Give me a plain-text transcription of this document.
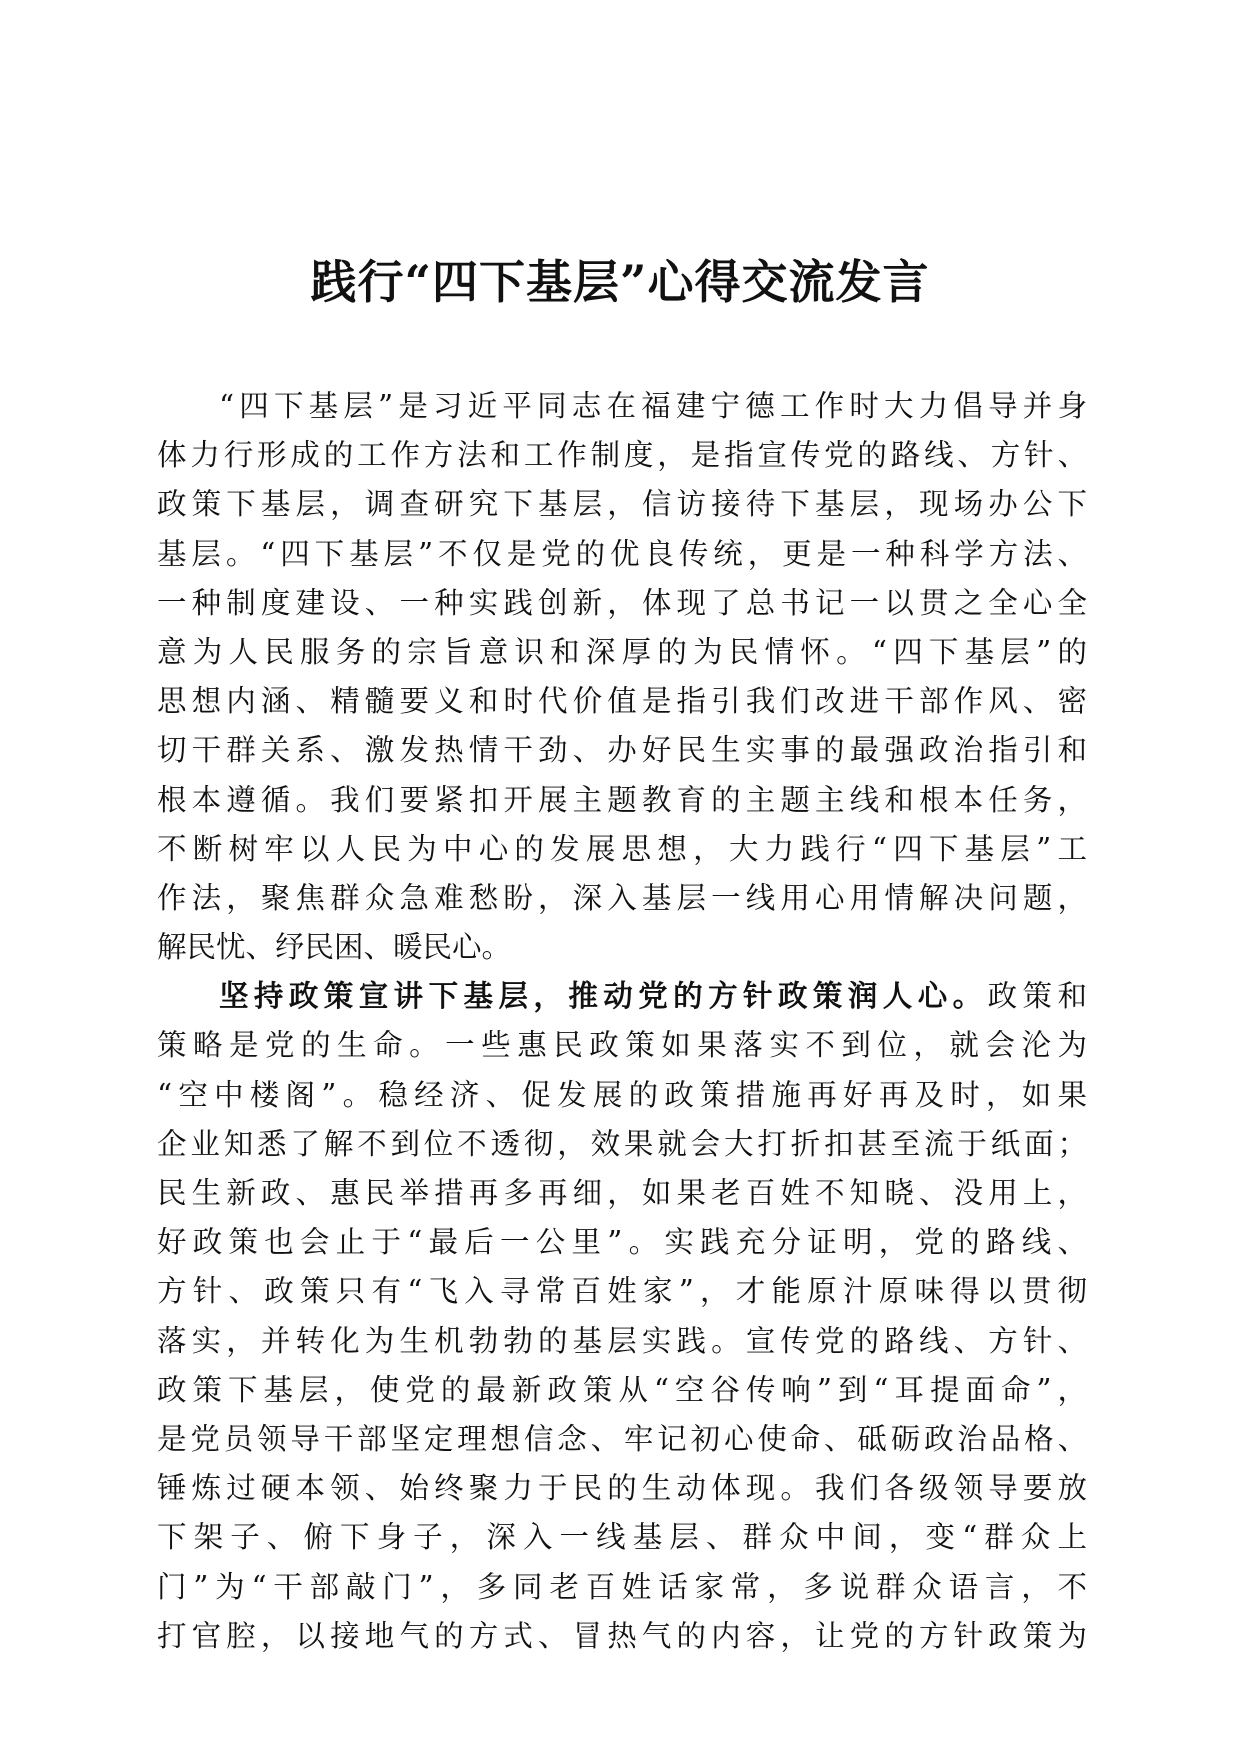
践行“四下基层”心得交流发言
“四下基层”是习近平同志在福建宁德工作时大力倡导并身
体力行形成的工作方法和工作制度，是指宣传党的路线、方针、
政策下基层，调查研究下基层，信访接待下基层，现场办公下
基层。“四下基层”不仅是党的优良传统，更是一种科学方法、
一种制度建设、一种实践创新，体现了总书记一以贯之全心全
意为人民服务的宗旨意识和深厚的为民情怀。“四下基层”的
思想内涵、精髓要义和时代价值是指引我们改进干部作风、密
切干群关系、激发热情干劲、办好民生实事的最强政治指引和
根本遵循。我们要紧扣开展主题教育的主题主线和根本任务，
不断树牢以人民为中心的发展思想，大力践行“四下基层”工
作法，聚焦群众急难愁盼，深入基层一线用心用情解决问题，
解民忧、纾民困、暖民心。
坚持政策宣讲下基层，推动党的方针政策润人心。政策和
策略是党的生命。一些惠民政策如果落实不到位，就会沦为
“空中楼阁”。稳经济、促发展的政策措施再好再及时，如果
企业知悉了解不到位不透彻，效果就会大打折扣甚至流于纸面；
民生新政、惠民举措再多再细，如果老百姓不知晓、没用上，
好政策也会止于“最后一公里”。实践充分证明，党的路线、
方针、政策只有“飞入寻常百姓家”，才能原汁原味得以贯彻
落实，并转化为生机勃勃的基层实践。宣传党的路线、方针、
政策下基层，使党的最新政策从“空谷传响”到“耳提面命”，
是党员领导干部坚定理想信念、牢记初心使命、砥砺政治品格、
锤炼过硬本领、始终聚力于民的生动体现。我们各级领导要放
下架子、俯下身子，深入一线基层、群众中间，变“群众上
门”为“干部敲门”，多同老百姓话家常，多说群众语言，不
打官腔，以接地气的方式、冒热气的内容，让党的方针政策为
